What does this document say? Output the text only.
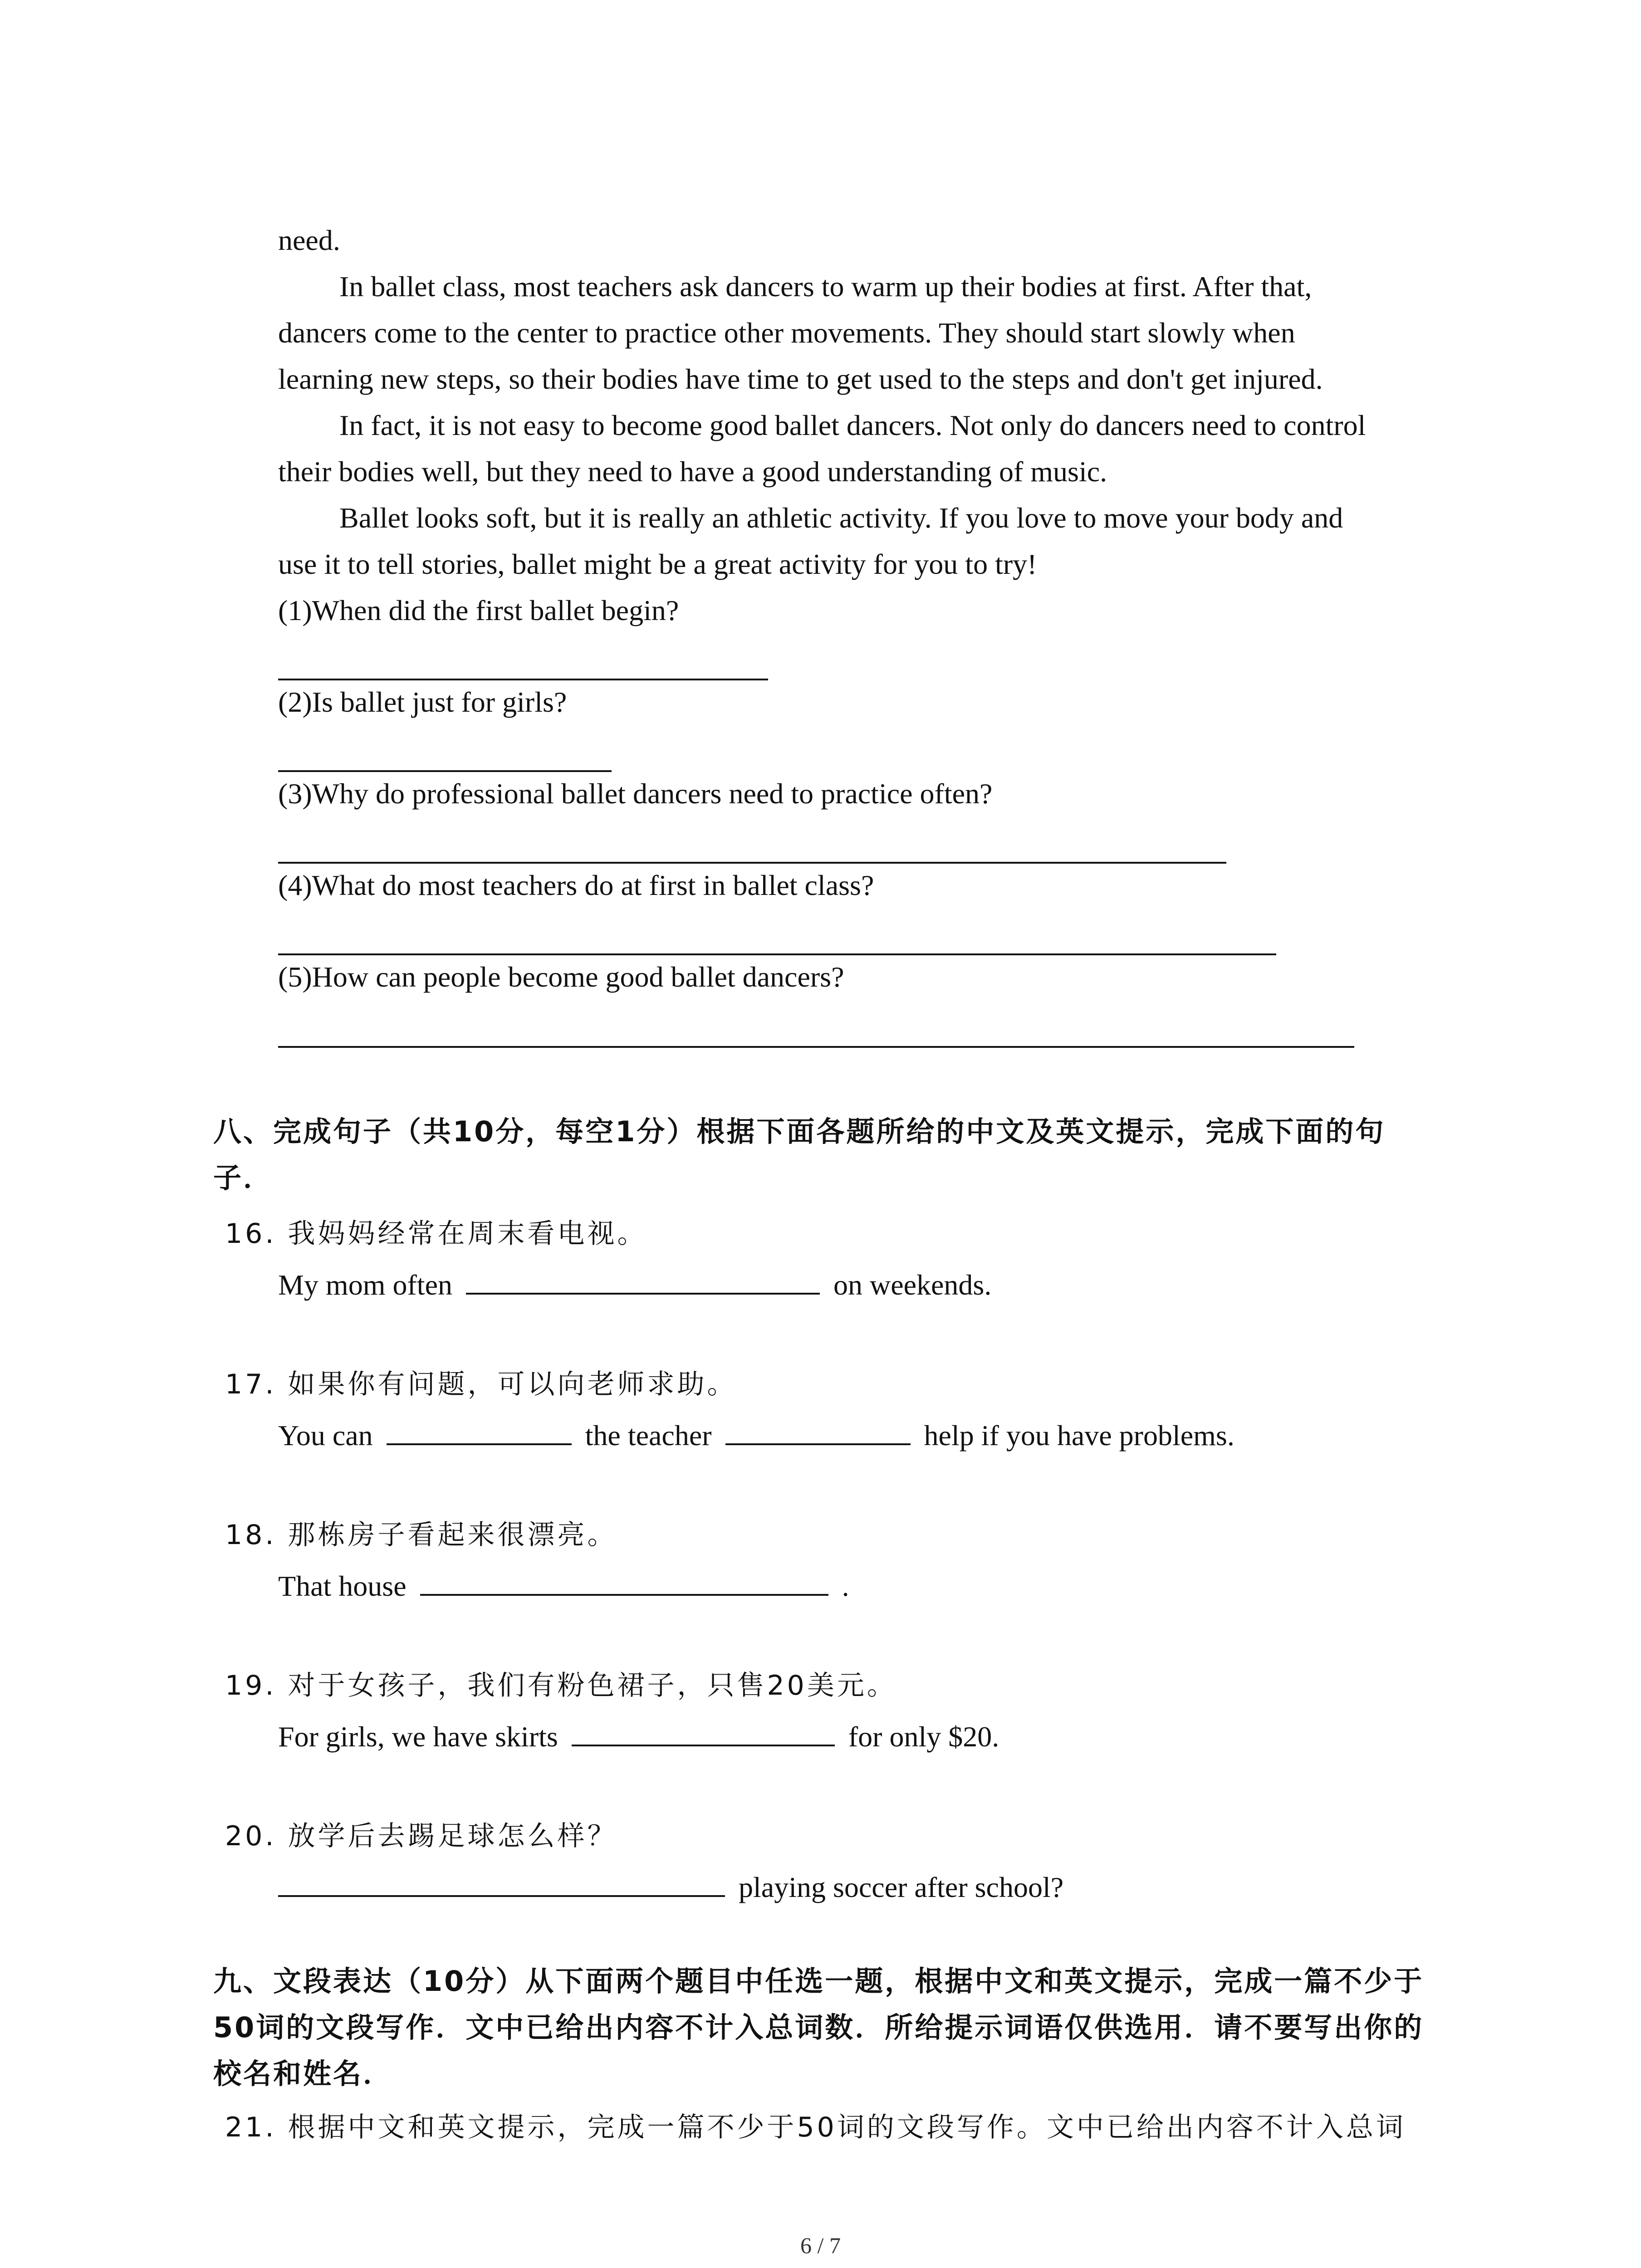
need.
In ballet class, most teachers ask dancers to warm up their bodies at first. After that,
dancers come to the center to practice other movements. They should start slowly when
learning new steps, so their bodies have time to get used to the steps and don't get injured.
In fact, it is not easy to become good ballet dancers. Not only do dancers need to control
their bodies well, but they need to have a good understanding of music.
Ballet looks soft, but it is really an athletic activity. If you love to move your body and
use it to tell stories, ballet might be a great activity for you to try!
(1)When did the first ballet begin?
(2)Is ballet just for girls?
(3)Why do professional ballet dancers need to practice often?
(4)What do most teachers do at first in ballet class?
(5)How can people become good ballet dancers?
八、完成句子（共10分，每空1分）根据下面各题所给的中文及英文提示，完成下面的句
子．
16. 我妈妈经常在周末看电视。
My mom often	on weekends.
17. 如果你有问题，可以向老师求助。
You can	the teacher	help if you have problems.
18. 那栋房子看起来很漂亮。
That house	.
19. 对于女孩子，我们有粉色裙子，只售20美元。
For girls, we have skirts	for only $20.
20. 放学后去踢足球怎么样？
playing soccer after school?
九、文段表达（10分）从下面两个题目中任选一题，根据中文和英文提示，完成一篇不少于
50词的文段写作．文中已给出内容不计入总词数．所给提示词语仅供选用．请不要写出你的
校名和姓名．
21. 根据中文和英文提示，完成一篇不少于50词的文段写作。文中已给出内容不计入总词
6 / 7
